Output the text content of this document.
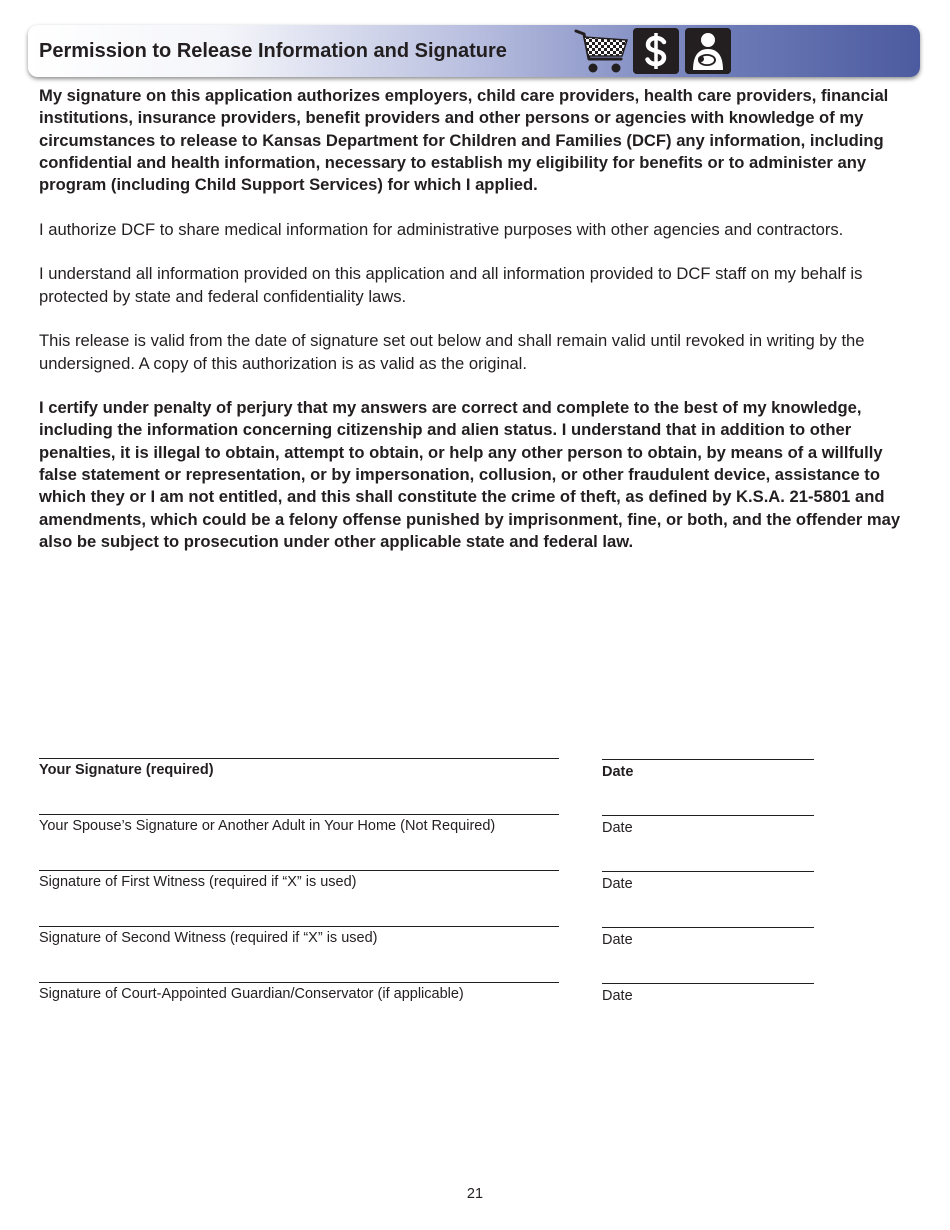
Permission to Release Information and Signature

My signature on this application authorizes employers, child care providers, health care providers, financial institutions, insurance providers, benefit providers and other persons or agencies with knowledge of my circumstances to release to Kansas Department for Children and Families (DCF) any information, including confidential and health information, necessary to establish my eligibility for benefits or to administer any program (including Child Support Services) for which I applied.

I authorize DCF to share medical information for administrative purposes with other agencies and contractors.

I understand all information provided on this application and all information provided to DCF staff on my behalf is protected by state and federal confidentiality laws.

This release is valid from the date of signature set out below and shall remain valid until revoked in writing by the undersigned. A copy of this authorization is as valid as the original.

I certify under penalty of perjury that my answers are correct and complete to the best of my knowledge, including the information concerning citizenship and alien status. I understand that in addition to other penalties, it is illegal to obtain, attempt to obtain, or help any other person to obtain, by means of a willfully false statement or representation, or by impersonation, collusion, or other fraudulent device, assistance to which they or I am not entitled, and this shall constitute the crime of theft, as defined by K.S.A. 21-5801 and amendments, which could be a felony offense punished by imprisonment, fine, or both, and the offender may also be subject to prosecution under other applicable state and federal law.

Your Signature (required)	Date
Your Spouse’s Signature or Another Adult in Your Home (Not Required)	Date
Signature of First Witness (required if “X” is used)	Date
Signature of Second Witness (required if “X” is used)	Date
Signature of Court-Appointed Guardian/Conservator (if applicable)	Date
21
